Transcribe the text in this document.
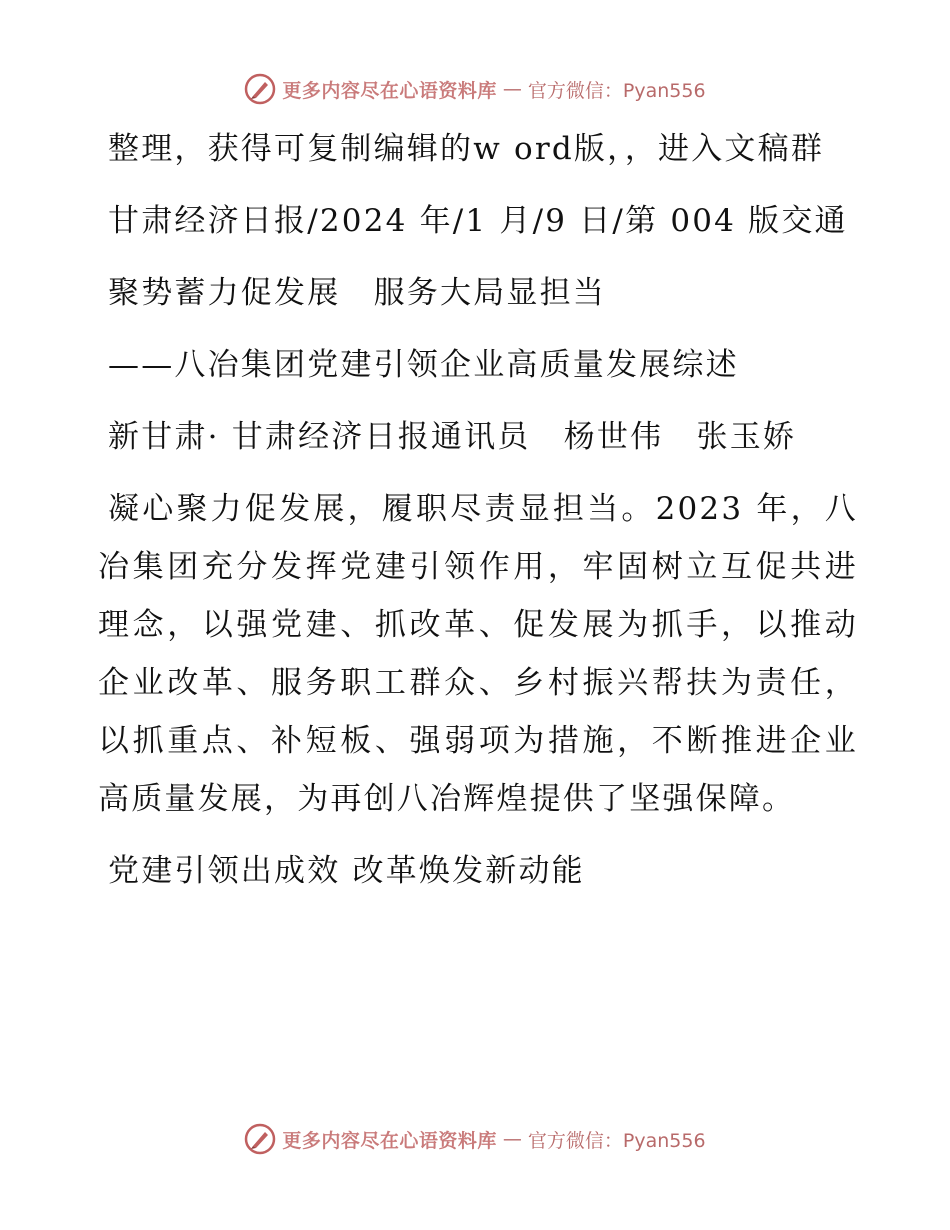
更多内容尽在心语资料库 — 官方微信：Pyan556

整理，获得可复制编辑的w ord版，，进入文稿群

甘肃经济日报/2024 年/1 月/9 日/第 004 版交通

聚势蓄力促发展　服务大局显担当

——八冶集团党建引领企业高质量发展综述

新甘肃· 甘肃经济日报通讯员　杨世伟　张玉娇

凝心聚力促发展，履职尽责显担当。2023 年，八冶集团充分发挥党建引领作用，牢固树立互促共进理念，以强党建、抓改革、促发展为抓手，以推动企业改革、服务职工群众、乡村振兴帮扶为责任，以抓重点、补短板、强弱项为措施，不断推进企业高质量发展，为再创八冶辉煌提供了坚强保障。

党建引领出成效 改革焕发新动能

更多内容尽在心语资料库 — 官方微信：Pyan556
